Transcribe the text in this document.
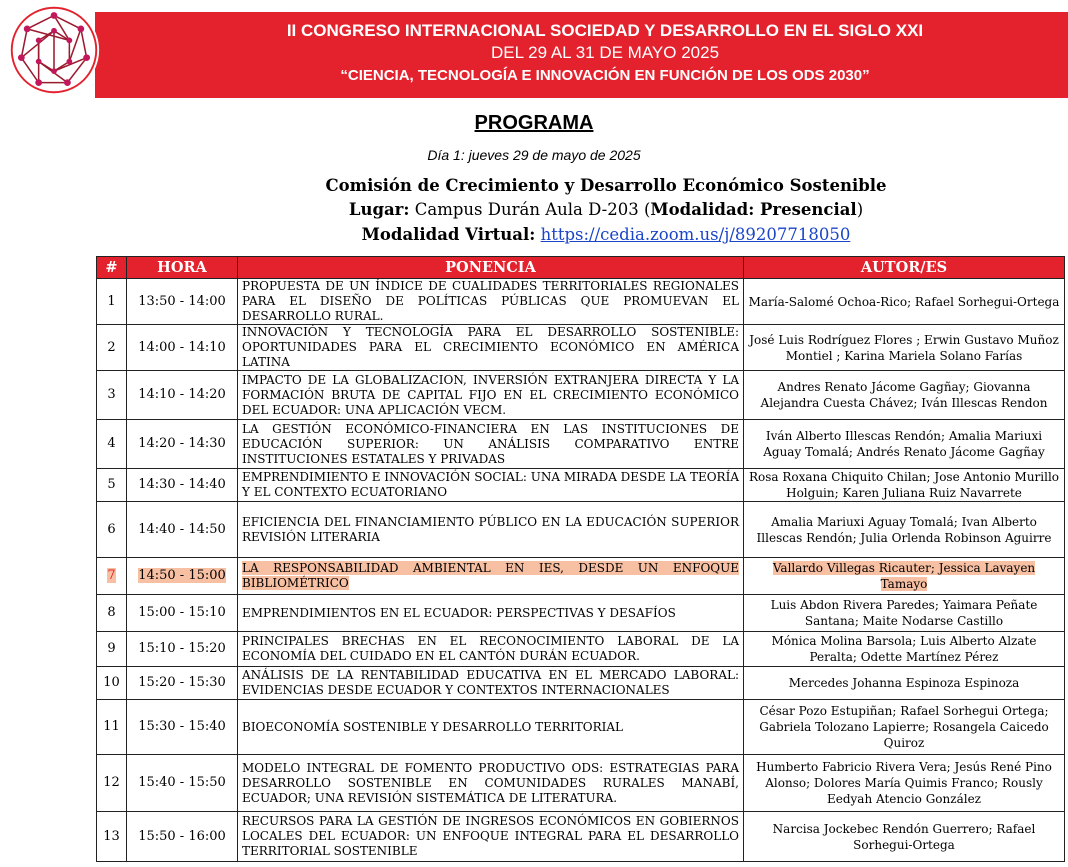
II CONGRESO INTERNACIONAL SOCIEDAD Y DESARROLLO EN EL SIGLO XXI
DEL 29 AL 31 DE MAYO 2025
“CIENCIA, TECNOLOGÍA E INNOVACIÓN EN FUNCIÓN DE LOS ODS 2030”
PROGRAMA
Día 1: jueves 29 de mayo de 2025
Comisión de Crecimiento y Desarrollo Económico Sostenible
Lugar: Campus Durán Aula D-203 (Modalidad: Presencial)
Modalidad Virtual: https://cedia.zoom.us/j/89207718050
#	HORA	PONENCIA	AUTOR/ES
1	13:50 - 14:00	PROPUESTA DE UN ÍNDICE DE CUALIDADES TERRITORIALES REGIONALES PARA EL DISEÑO DE POLÍTICAS PÚBLICAS QUE PROMUEVAN EL DESARROLLO RURAL.	María-Salomé Ochoa-Rico; Rafael Sorhegui-Ortega
2	14:00 - 14:10	INNOVACIÓN Y TECNOLOGÍA PARA EL DESARROLLO SOSTENIBLE: OPORTUNIDADES PARA EL CRECIMIENTO ECONÓMICO EN AMÉRICA LATINA	José Luis Rodríguez Flores ; Erwin Gustavo Muñoz Montiel ; Karina Mariela Solano Farías
3	14:10 - 14:20	IMPACTO DE LA GLOBALIZACION, INVERSIÓN EXTRANJERA DIRECTA Y LA FORMACIÓN BRUTA DE CAPITAL FIJO EN EL CRECIMIENTO ECONÓMICO DEL ECUADOR: UNA APLICACIÓN VECM.	Andres Renato Jácome Gagñay; Giovanna Alejandra Cuesta Chávez; Iván Illescas Rendon
4	14:20 - 14:30	LA GESTIÓN ECONÓMICO-FINANCIERA EN LAS INSTITUCIONES DE EDUCACIÓN SUPERIOR: UN ANÁLISIS COMPARATIVO ENTRE INSTITUCIONES ESTATALES Y PRIVADAS	Iván Alberto Illescas Rendón; Amalia Mariuxi Aguay Tomalá; Andrés Renato Jácome Gagñay
5	14:30 - 14:40	EMPRENDIMIENTO E INNOVACIÓN SOCIAL: UNA MIRADA DESDE LA TEORÍA Y EL CONTEXTO ECUATORIANO	Rosa Roxana Chiquito Chilan; Jose Antonio Murillo Holguin; Karen Juliana Ruiz Navarrete
6	14:40 - 14:50	EFICIENCIA DEL FINANCIAMIENTO PÚBLICO EN LA EDUCACIÓN SUPERIOR REVISIÓN LITERARIA	Amalia Mariuxi Aguay Tomalá; Ivan Alberto Illescas Rendón; Julia Orlenda Robinson Aguirre
7	14:50 - 15:00	LA RESPONSABILIDAD AMBIENTAL EN IES, DESDE UN ENFOQUE BIBLIOMÉTRICO	Vallardo Villegas Ricauter; Jessica Lavayen Tamayo
8	15:00 - 15:10	EMPRENDIMIENTOS EN EL ECUADOR: PERSPECTIVAS Y DESAFÍOS	Luis Abdon Rivera Paredes; Yaimara Peñate Santana; Maite Nodarse Castillo
9	15:10 - 15:20	PRINCIPALES BRECHAS EN EL RECONOCIMIENTO LABORAL DE LA ECONOMÍA DEL CUIDADO EN EL CANTÓN DURÁN ECUADOR.	Mónica Molina Barsola; Luis Alberto Alzate Peralta; Odette Martínez Pérez
10	15:20 - 15:30	ANÁLISIS DE LA RENTABILIDAD EDUCATIVA EN EL MERCADO LABORAL: EVIDENCIAS DESDE ECUADOR Y CONTEXTOS INTERNACIONALES	Mercedes Johanna Espinoza Espinoza
11	15:30 - 15:40	BIOECONOMÍA SOSTENIBLE Y DESARROLLO TERRITORIAL	César Pozo Estupiñan; Rafael Sorhegui Ortega; Gabriela Tolozano Lapierre; Rosangela Caicedo Quiroz
12	15:40 - 15:50	MODELO INTEGRAL DE FOMENTO PRODUCTIVO ODS: ESTRATEGIAS PARA DESARROLLO SOSTENIBLE EN COMUNIDADES RURALES MANABÍ, ECUADOR; UNA REVISIÓN SISTEMÁTICA DE LITERATURA.	Humberto Fabricio Rivera Vera; Jesús René Pino Alonso; Dolores María Quimis Franco; Rously Eedyah Atencio González
13	15:50 - 16:00	RECURSOS PARA LA GESTIÓN DE INGRESOS ECONÓMICOS EN GOBIERNOS LOCALES DEL ECUADOR: UN ENFOQUE INTEGRAL PARA EL DESARROLLO TERRITORIAL SOSTENIBLE	Narcisa Jockebec Rendón Guerrero; Rafael Sorhegui-Ortega
